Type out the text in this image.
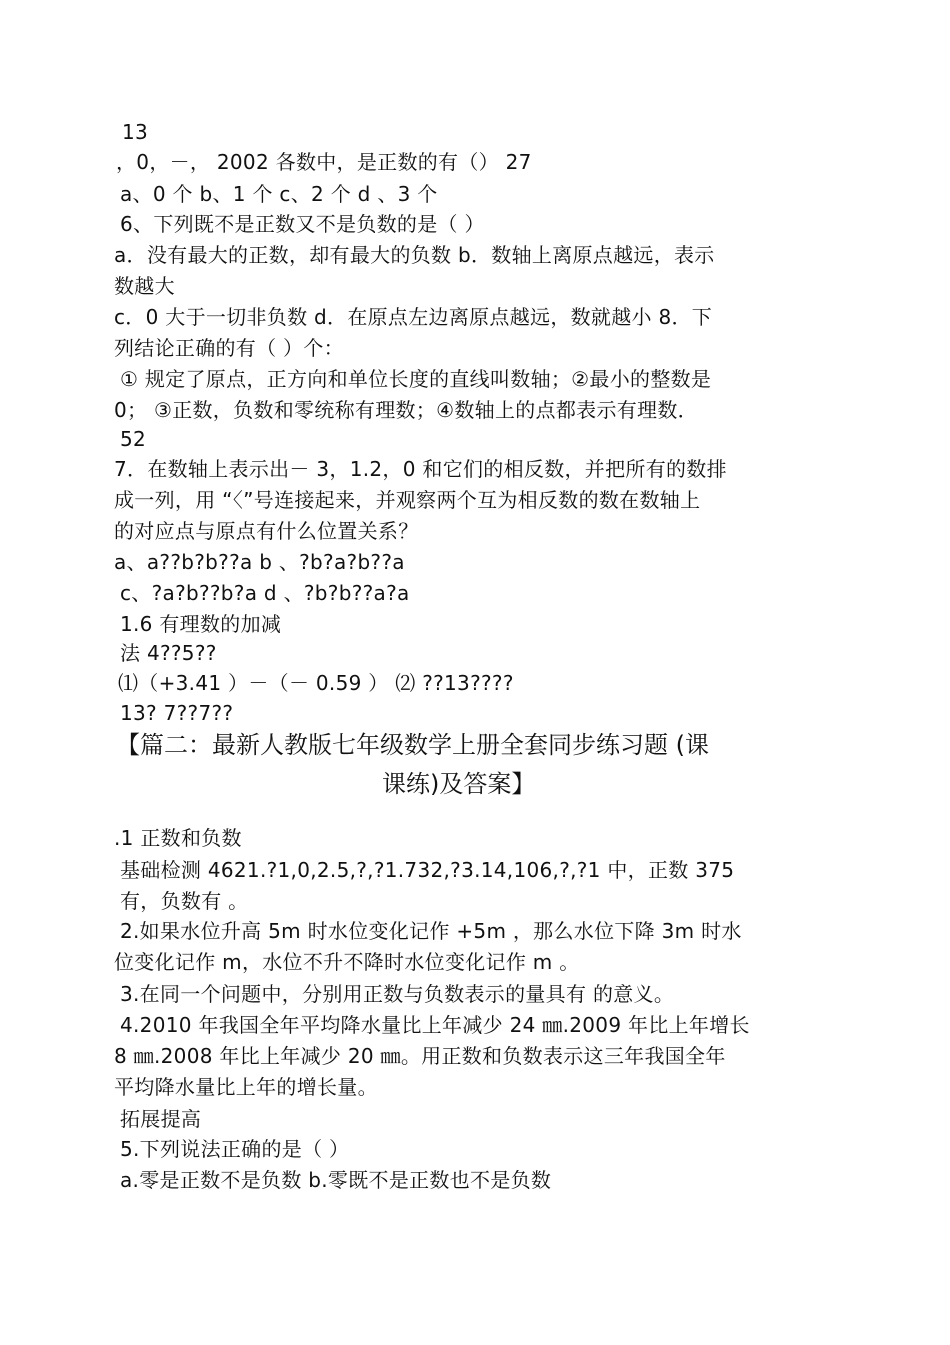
13
，0，－， 2002 各数中，是正数的有（） 27
a、0 个 b、1 个 c、2 个 d 、3 个
6、下列既不是正数又不是负数的是（ ）
a．没有最大的正数，却有最大的负数 b．数轴上离原点越远，表示
数越大
c．0 大于一切非负数 d．在原点左边离原点越远，数就越小 8．下
列结论正确的有（ ）个：
① 规定了原点，正方向和单位长度的直线叫数轴；②最小的整数是
0； ③正数，负数和零统称有理数；④数轴上的点都表示有理数．
52
7．在数轴上表示出－ 3，1.2，0 和它们的相反数，并把所有的数排
成一列，用 “〈”号连接起来，并观察两个互为相反数的数在数轴上
的对应点与原点有什么位置关系？
a、a??b?b??a b 、?b?a?b??a
c、?a?b??b?a d 、?b?b??a?a
1.6 有理数的加减
法 4??5??
⑴（+3.41 ）－（－ 0.59 ） ⑵ ??13????
13? 7??7??
【篇二：最新人教版七年级数学上册全套同步练习题 (课
课练)及答案】
.1 正数和负数
基础检测 4621.?1,0,2.5,?,?1.732,?3.14,106,?,?1 中，正数 375
有，负数有 。
2.如果水位升高 5m 时水位变化记作 +5m ，那么水位下降 3m 时水
位变化记作 m，水位不升不降时水位变化记作 m 。
3.在同一个问题中，分别用正数与负数表示的量具有 的意义。
4.2010 年我国全年平均降水量比上年减少 24 ㎜.2009 年比上年增长
8 ㎜.2008 年比上年减少 20 ㎜。用正数和负数表示这三年我国全年
平均降水量比上年的增长量。
拓展提高
5.下列说法正确的是（ ）
a.零是正数不是负数 b.零既不是正数也不是负数
